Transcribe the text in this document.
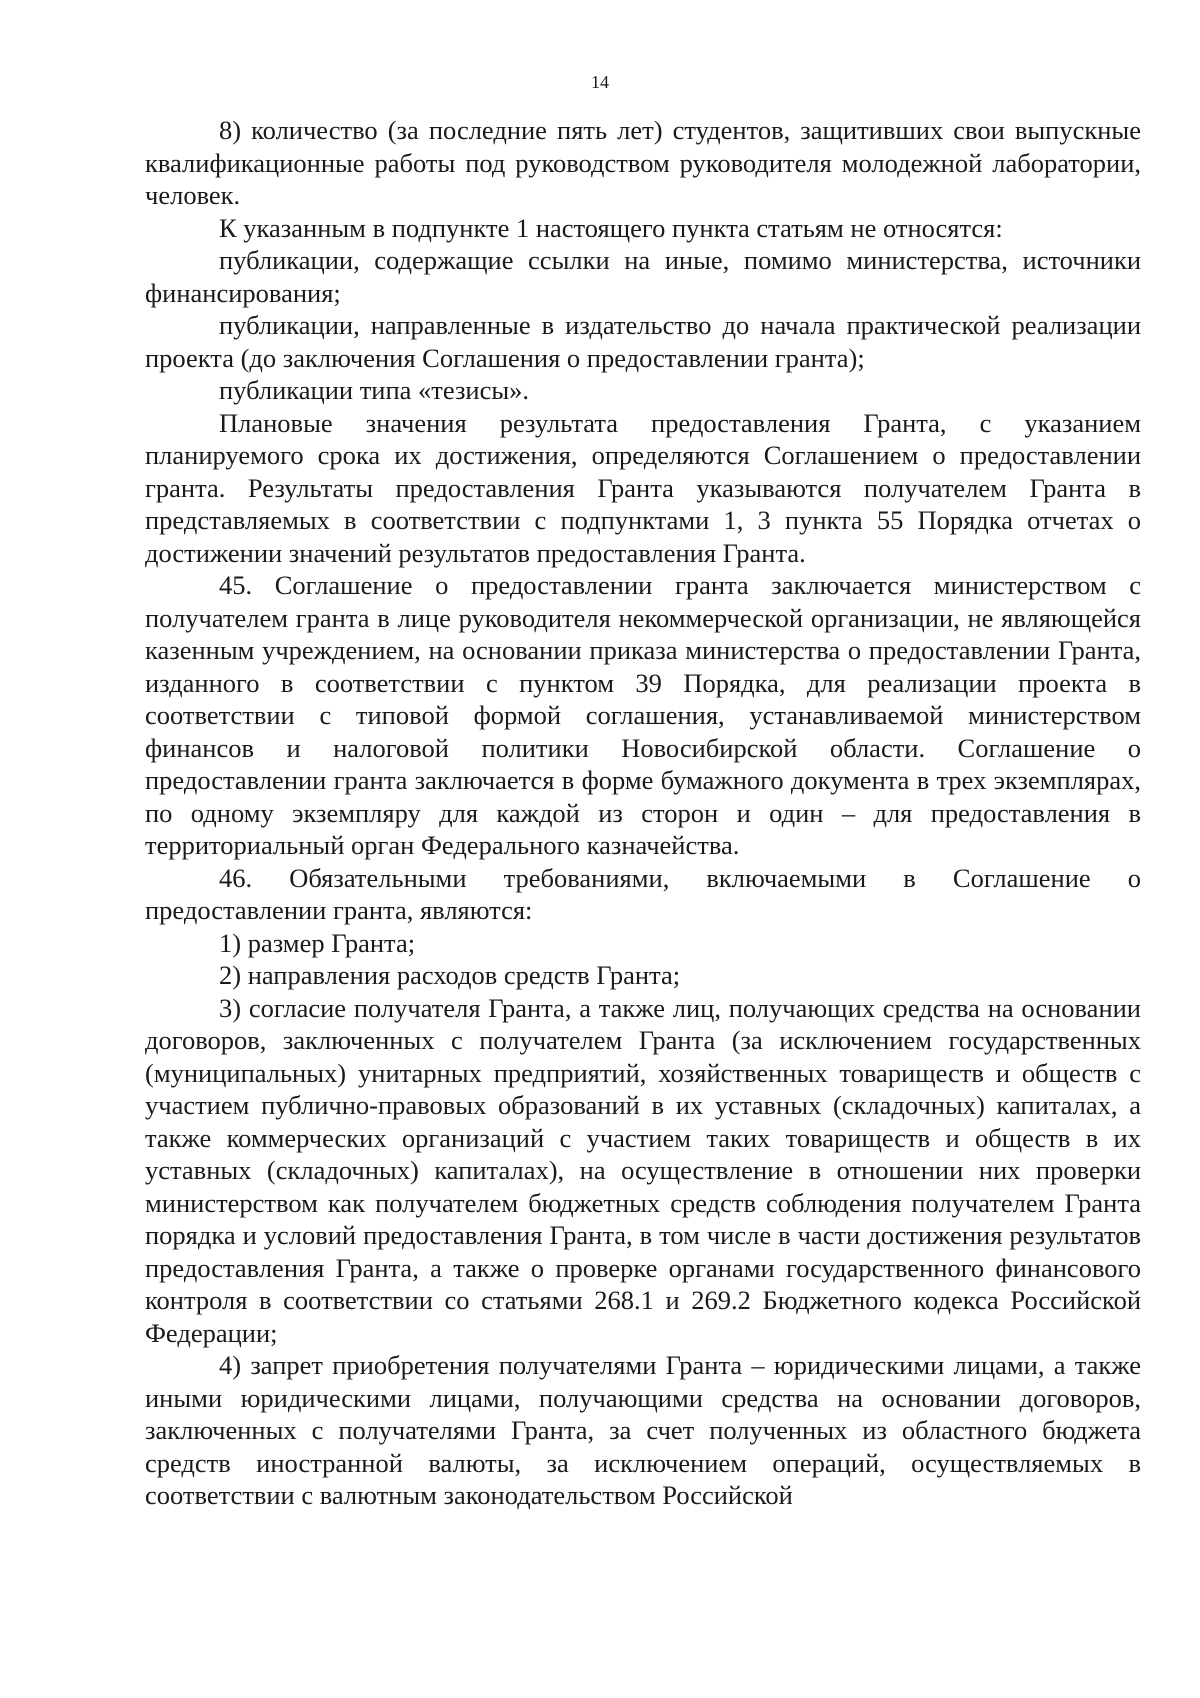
14

8) количество (за последние пять лет) студентов, защитивших свои выпускные квалификационные работы под руководством руководителя молодежной лаборатории, человек.

К указанным в подпункте 1 настоящего пункта статьям не относятся:

публикации, содержащие ссылки на иные, помимо министерства, источники финансирования;

публикации, направленные в издательство до начала практической реализации проекта (до заключения Соглашения о предоставлении гранта);

публикации типа «тезисы».

Плановые значения результата предоставления Гранта, с указанием планируемого срока их достижения, определяются Соглашением о предоставлении гранта. Результаты предоставления Гранта указываются получателем Гранта в представляемых в соответствии с подпунктами 1, 3 пункта 55 Порядка отчетах о достижении значений результатов предоставления Гранта.

45. Соглашение о предоставлении гранта заключается министерством с получателем гранта в лице руководителя некоммерческой организации, не являющейся казенным учреждением, на основании приказа министерства о предоставлении Гранта, изданного в соответствии с пунктом 39 Порядка, для реализации проекта в соответствии с типовой формой соглашения, устанавливаемой министерством финансов и налоговой политики Новосибирской области. Соглашение о предоставлении гранта заключается в форме бумажного документа в трех экземплярах, по одному экземпляру для каждой из сторон и один – для предоставления в территориальный орган Федерального казначейства.

46. Обязательными требованиями, включаемыми в Соглашение о предоставлении гранта, являются:

1) размер Гранта;

2) направления расходов средств Гранта;

3) согласие получателя Гранта, а также лиц, получающих средства на основании договоров, заключенных с получателем Гранта (за исключением государственных (муниципальных) унитарных предприятий, хозяйственных товариществ и обществ с участием публично-правовых образований в их уставных (складочных) капиталах, а также коммерческих организаций с участием таких товариществ и обществ в их уставных (складочных) капиталах), на осуществление в отношении них проверки министерством как получателем бюджетных средств соблюдения получателем Гранта порядка и условий предоставления Гранта, в том числе в части достижения результатов предоставления Гранта, а также о проверке органами государственного финансового контроля в соответствии со статьями 268.1 и 269.2 Бюджетного кодекса Российской Федерации;

4) запрет приобретения получателями Гранта – юридическими лицами, а также иными юридическими лицами, получающими средства на основании договоров, заключенных с получателями Гранта, за счет полученных из областного бюджета средств иностранной валюты, за исключением операций, осуществляемых в соответствии с валютным законодательством Российской
